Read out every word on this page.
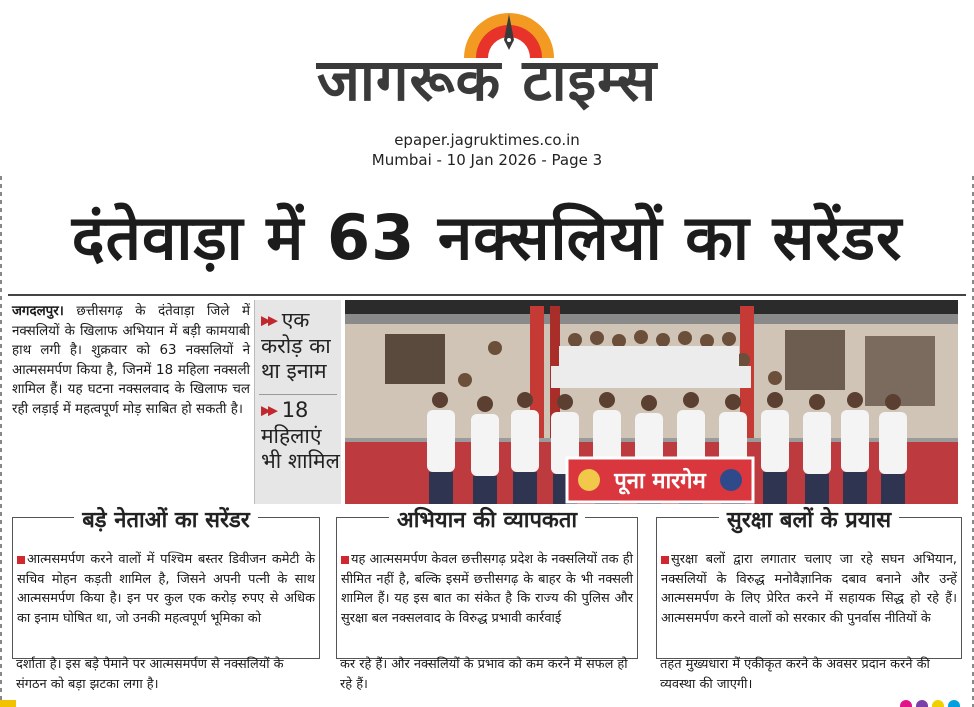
जागरूक टाइम्स
epaper.jagruktimes.co.in
Mumbai - 10 Jan 2026 - Page 3
दंतेवाड़ा में 63 नक्सलियों का सरेंडर
जगदलपुर। छत्तीसगढ़ के दंतेवाड़ा जिले में नक्सलियों के खिलाफ अभियान में बड़ी कामयाबी हाथ लगी है। शुक्रवार को 63 नक्सलियों ने आत्मसमर्पण किया है, जिनमें 18 महिला नक्सली शामिल हैं। यह घटना नक्सलवाद के खिलाफ चल रही लड़ाई में महत्वपूर्ण मोड़ साबित हो सकती है।
▶▶ एक करोड़ का था इनाम
▶▶ 18 महिलाएं भी शामिल
पूना मारगेम
बड़े नेताओं का सरेंडर
आत्मसमर्पण करने वालों में पश्चिम बस्तर डिवीजन कमेटी के सचिव मोहन कड़ती शामिल है, जिसने अपनी पत्नी के साथ आत्मसमर्पण किया है। इन पर कुल एक करोड़ रुपए से अधिक का इनाम घोषित था, जो उनकी महत्वपूर्ण भूमिका को
दर्शाता है। इस बड़े पैमाने पर आत्मसमर्पण से नक्सलियों के संगठन को बड़ा झटका लगा है।
अभियान की व्यापकता
यह आत्मसमर्पण केवल छत्तीसगढ़ प्रदेश के नक्सलियों तक ही सीमित नहीं है, बल्कि इसमें छत्तीसगढ़ के बाहर के भी नक्सली शामिल हैं। यह इस बात का संकेत है कि राज्य की पुलिस और सुरक्षा बल नक्सलवाद के विरुद्ध प्रभावी कार्रवाई
कर रहे हैं। और नक्सलियों के प्रभाव को कम करने में सफल हो रहे हैं।
सुरक्षा बलों के प्रयास
सुरक्षा बलों द्वारा लगातार चलाए जा रहे सघन अभियान, नक्सलियों के विरुद्ध मनोवैज्ञानिक दबाव बनाने और उन्हें आत्मसमर्पण के लिए प्रेरित करने में सहायक सिद्ध हो रहे हैं। आत्मसमर्पण करने वालों को सरकार की पुनर्वास नीतियों के
तहत मुख्यधारा में एकीकृत करने के अवसर प्रदान करने की व्यवस्था की जाएगी।
